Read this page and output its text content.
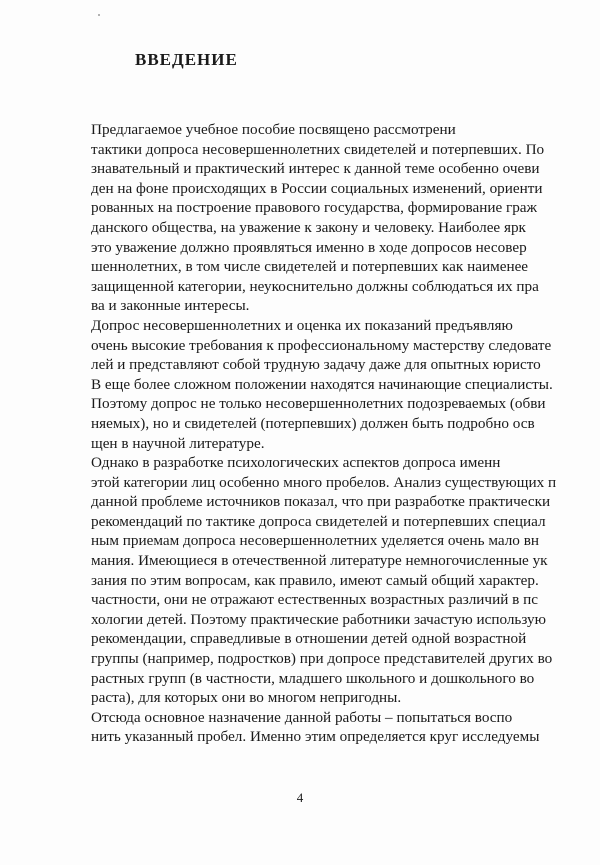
ВВЕДЕНИЕ

Предлагаемое учебное пособие посвящено рассмотрени
тактики допроса несовершеннолетних свидетелей и потерпевших. По
знавательный и практический интерес к данной теме особенно очеви
ден на фоне происходящих в России социальных изменений, ориенти
рованных на построение правового государства, формирование граж
данского общества, на уважение к закону и человеку. Наиболее ярк
это уважение должно проявляться именно в ходе допросов несовер
шеннолетних, в том числе свидетелей и потерпевших как наименее
защищенной категории, неукоснительно должны соблюдаться их пра
ва и законные интересы.

Допрос несовершеннолетних и оценка их показаний предъявляю
очень высокие требования к профессиональному мастерству следовате
лей и представляют собой трудную задачу даже для опытных юристо
В еще более сложном положении находятся начинающие специалисты.
Поэтому допрос не только несовершеннолетних подозреваемых (обви
няемых), но и свидетелей (потерпевших) должен быть подробно осв
щен в научной литературе.

Однако в разработке психологических аспектов допроса именн
этой категории лиц особенно много пробелов. Анализ существующих п
данной проблеме источников показал, что при разработке практически
рекомендаций по тактике допроса свидетелей и потерпевших специал
ным приемам допроса несовершеннолетних уделяется очень мало вн
мания. Имеющиеся в отечественной литературе немногочисленные ук
зания по этим вопросам, как правило, имеют самый общий характер.
частности, они не отражают естественных возрастных различий в пс
хологии детей. Поэтому практические работники зачастую использую
рекомендации, справедливые в отношении детей одной возрастной
группы (например, подростков) при допросе представителей других во
растных групп (в частности, младшего школьного и дошкольного во
раста), для которых они во многом непригодны.

Отсюда основное назначение данной работы – попытаться воспо
нить указанный пробел. Именно этим определяется круг исследуемы

4
